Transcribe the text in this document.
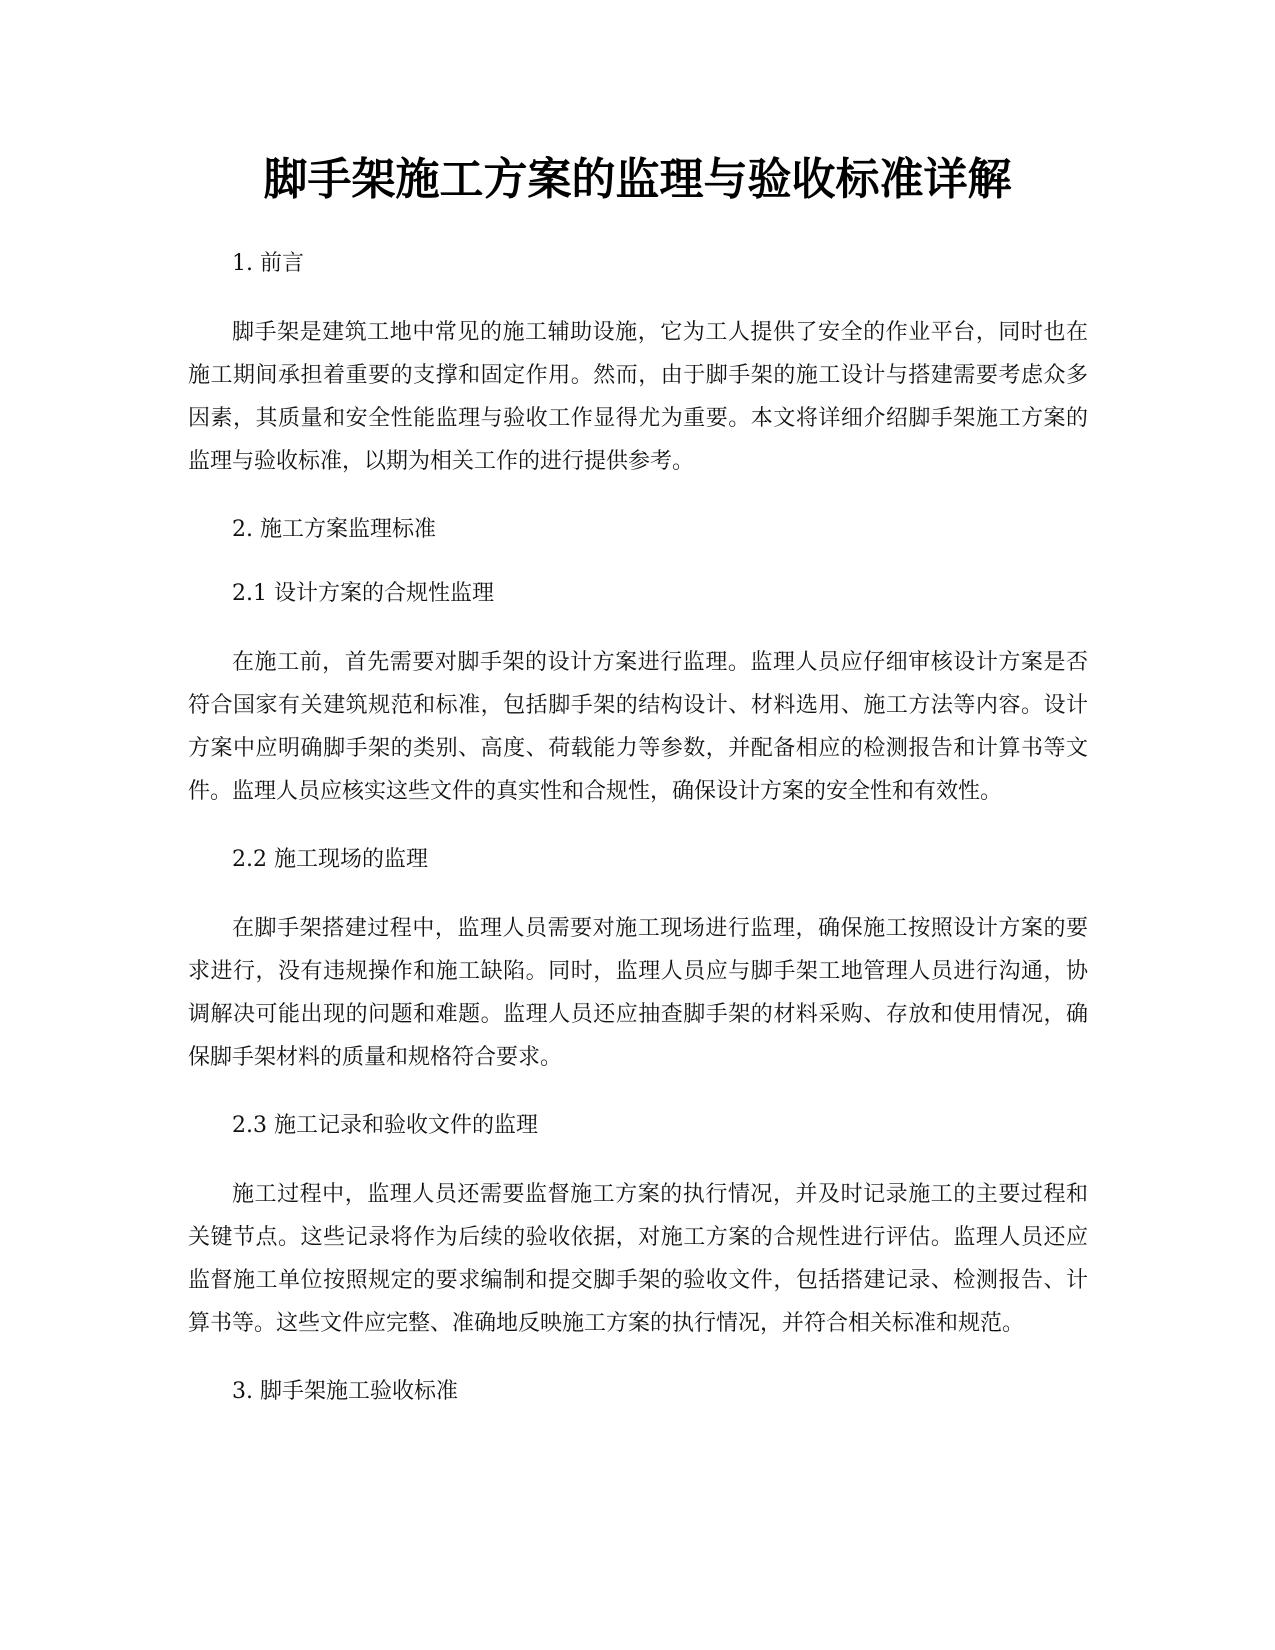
脚手架施工方案的监理与验收标准详解

1. 前言

脚手架是建筑工地中常见的施工辅助设施，它为工人提供了安全的作业平台，同时也在施工期间承担着重要的支撑和固定作用。然而，由于脚手架的施工设计与搭建需要考虑众多因素，其质量和安全性能监理与验收工作显得尤为重要。本文将详细介绍脚手架施工方案的监理与验收标准，以期为相关工作的进行提供参考。

2. 施工方案监理标准

2.1 设计方案的合规性监理

在施工前，首先需要对脚手架的设计方案进行监理。监理人员应仔细审核设计方案是否符合国家有关建筑规范和标准，包括脚手架的结构设计、材料选用、施工方法等内容。设计方案中应明确脚手架的类别、高度、荷载能力等参数，并配备相应的检测报告和计算书等文件。监理人员应核实这些文件的真实性和合规性，确保设计方案的安全性和有效性。

2.2 施工现场的监理

在脚手架搭建过程中，监理人员需要对施工现场进行监理，确保施工按照设计方案的要求进行，没有违规操作和施工缺陷。同时，监理人员应与脚手架工地管理人员进行沟通，协调解决可能出现的问题和难题。监理人员还应抽查脚手架的材料采购、存放和使用情况，确保脚手架材料的质量和规格符合要求。

2.3 施工记录和验收文件的监理

施工过程中，监理人员还需要监督施工方案的执行情况，并及时记录施工的主要过程和关键节点。这些记录将作为后续的验收依据，对施工方案的合规性进行评估。监理人员还应监督施工单位按照规定的要求编制和提交脚手架的验收文件，包括搭建记录、检测报告、计算书等。这些文件应完整、准确地反映施工方案的执行情况，并符合相关标准和规范。

3. 脚手架施工验收标准
